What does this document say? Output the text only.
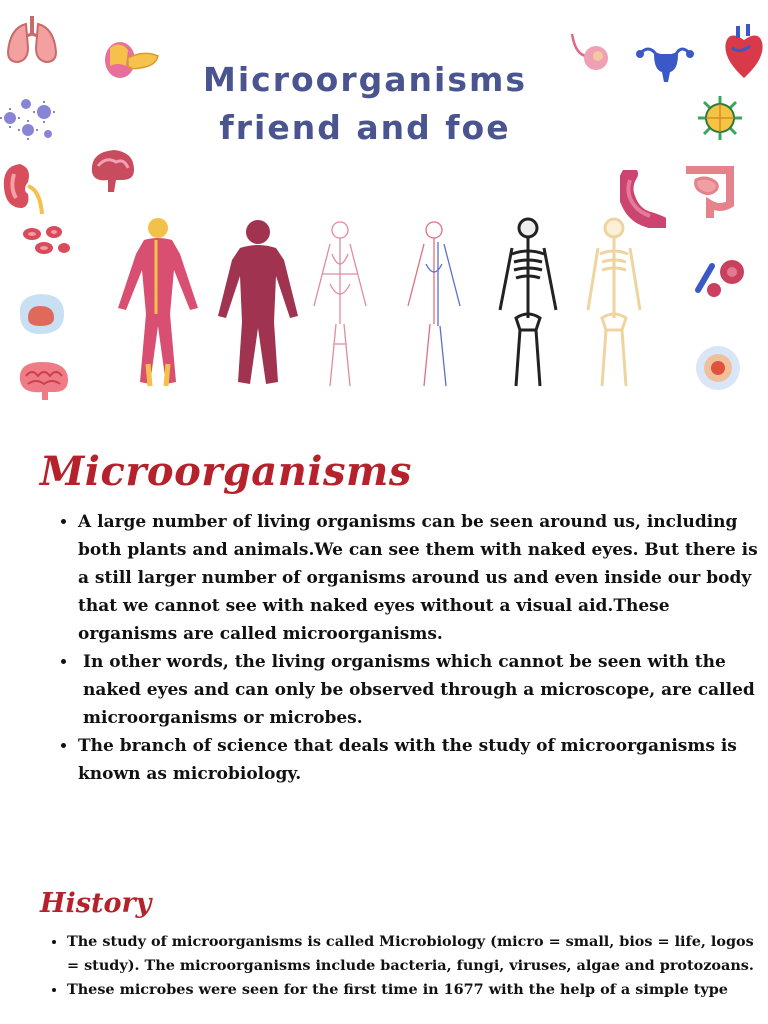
Microorganisms
friend and foe
Microorganisms
• A large number of living organisms can be seen around us, including both plants and animals.We can see them with naked eyes. But there is a still larger number of organisms around us and even inside our body that we cannot see with naked eyes without a visual aid.These organisms are called microorganisms.
• In other words, the living organisms which cannot be seen with the naked eyes and can only be observed through a microscope, are called microorganisms or microbes.
• The branch of science that deals with the study of microorganisms is known as microbiology.
History
• The study of microorganisms is called Microbiology (micro = small, bios = life, logos = study). The microorganisms include bacteria, fungi, viruses, algae and protozoans.
• These microbes were seen for the first time in 1677 with the help of a simple type
